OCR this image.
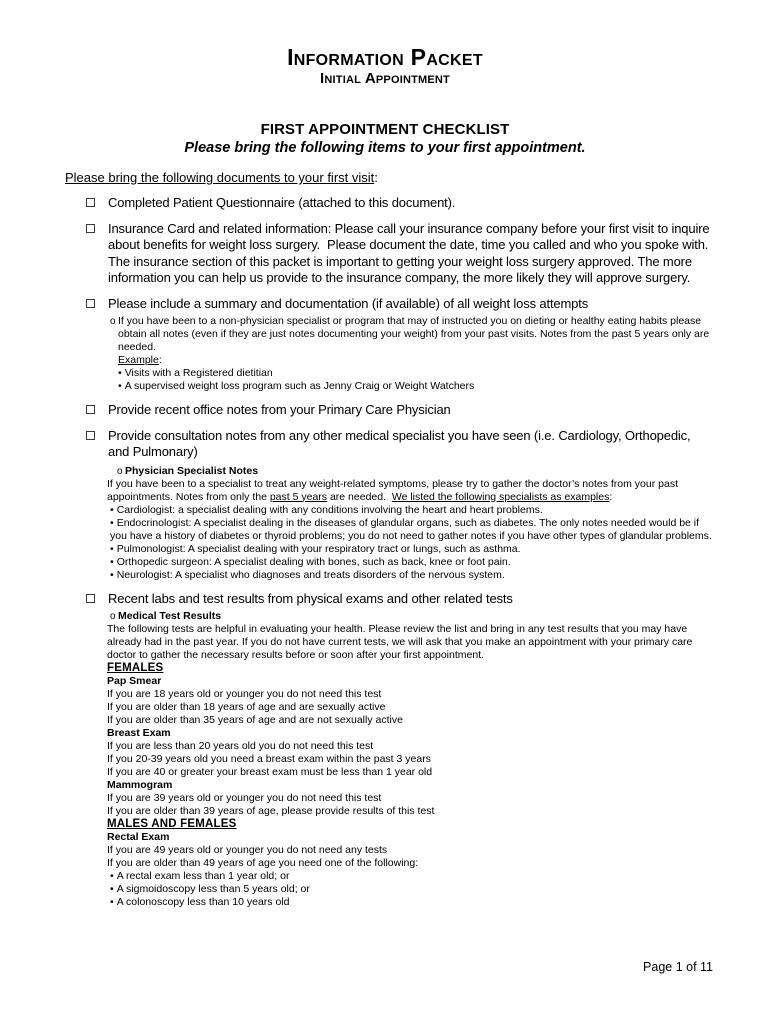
Information Packet
Initial Appointment
FIRST APPOINTMENT CHECKLIST
Please bring the following items to your first appointment.
Please bring the following documents to your first visit:
Completed Patient Questionnaire (attached to this document).
Insurance Card and related information: Please call your insurance company before your first visit to inquire about benefits for weight loss surgery.  Please document the date, time you called and who you spoke with.  The insurance section of this packet is important to getting your weight loss surgery approved. The more information you can help us provide to the insurance company, the more likely they will approve surgery.
Please include a summary and documentation (if available) of all weight loss attempts
o If you have been to a non-physician specialist or program that may of instructed you on dieting or healthy eating habits please obtain all notes (even if they are just notes documenting your weight) from your past visits. Notes from the past 5 years only are needed.
Example:
• Visits with a Registered dietitian
• A supervised weight loss program such as Jenny Craig or Weight Watchers
Provide recent office notes from your Primary Care Physician
Provide consultation notes from any other medical specialist you have seen (i.e. Cardiology, Orthopedic, and Pulmonary)
o Physician Specialist Notes
If you have been to a specialist to treat any weight-related symptoms, please try to gather the doctor’s notes from your past appointments. Notes from only the past 5 years are needed.  We listed the following specialists as examples:
• Cardiologist: a specialist dealing with any conditions involving the heart and heart problems.
• Endocrinologist: A specialist dealing in the diseases of glandular organs, such as diabetes. The only notes needed would be if you have a history of diabetes or thyroid problems; you do not need to gather notes if you have other types of glandular problems.
• Pulmonologist: A specialist dealing with your respiratory tract or lungs, such as asthma.
• Orthopedic surgeon: A specialist dealing with bones, such as back, knee or foot pain.
• Neurologist: A specialist who diagnoses and treats disorders of the nervous system.
Recent labs and test results from physical exams and other related tests
o Medical Test Results
The following tests are helpful in evaluating your health. Please review the list and bring in any test results that you may have already had in the past year. If you do not have current tests, we will ask that you make an appointment with your primary care doctor to gather the necessary results before or soon after your first appointment.
FEMALES
Pap Smear
If you are 18 years old or younger you do not need this test
If you are older than 18 years of age and are sexually active
If you are older than 35 years of age and are not sexually active
Breast Exam
If you are less than 20 years old you do not need this test
If you 20-39 years old you need a breast exam within the past 3 years
If you are 40 or greater your breast exam must be less than 1 year old
Mammogram
If you are 39 years old or younger you do not need this test
If you are older than 39 years of age, please provide results of this test
MALES AND FEMALES
Rectal Exam
If you are 49 years old or younger you do not need any tests
If you are older than 49 years of age you need one of the following:
• A rectal exam less than 1 year old; or
• A sigmoidoscopy less than 5 years old; or
• A colonoscopy less than 10 years old
Page 1 of 11
